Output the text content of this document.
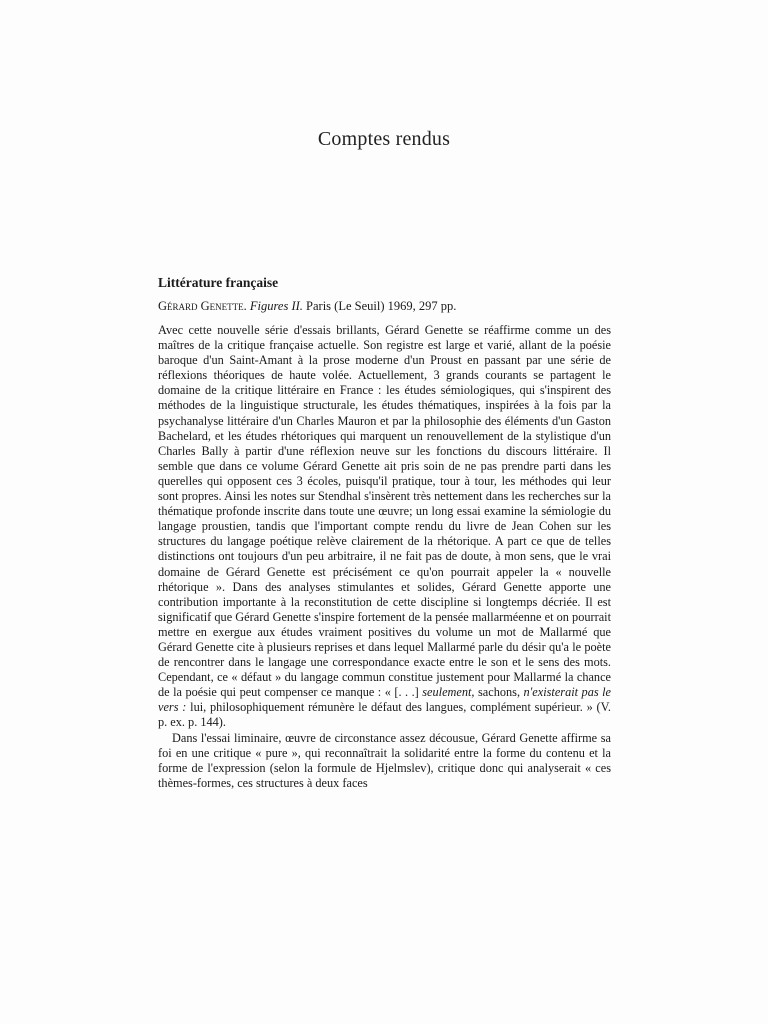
Comptes rendus
Littérature française
Gérard Genette. Figures II. Paris (Le Seuil) 1969, 297 pp.

Avec cette nouvelle série d'essais brillants, Gérard Genette se réaffirme comme un des maîtres de la critique française actuelle. Son registre est large et varié, allant de la poésie baroque d'un Saint-Amant à la prose moderne d'un Proust en passant par une série de réflexions théoriques de haute volée. Actuellement, 3 grands courants se partagent le domaine de la critique littéraire en France : les études sémiologiques, qui s'inspirent des méthodes de la linguistique structurale, les études thématiques, inspirées à la fois par la psychanalyse littéraire d'un Charles Mauron et par la philosophie des éléments d'un Gaston Bachelard, et les études rhétoriques qui marquent un renouvellement de la stylistique d'un Charles Bally à partir d'une réflexion neuve sur les fonctions du discours littéraire. Il semble que dans ce volume Gérard Genette ait pris soin de ne pas prendre parti dans les querelles qui opposent ces 3 écoles, puisqu'il pratique, tour à tour, les méthodes qui leur sont propres. Ainsi les notes sur Stendhal s'insèrent très nettement dans les recherches sur la thématique profonde inscrite dans toute une œuvre; un long essai examine la sémiologie du langage proustien, tandis que l'important compte rendu du livre de Jean Cohen sur les structures du langage poétique relève clairement de la rhétorique. A part ce que de telles distinctions ont toujours d'un peu arbitraire, il ne fait pas de doute, à mon sens, que le vrai domaine de Gérard Genette est précisément ce qu'on pourrait appeler la « nouvelle rhétorique ». Dans des analyses stimulantes et solides, Gérard Genette apporte une contribution importante à la reconstitution de cette discipline si longtemps décriée. Il est significatif que Gérard Genette s'inspire fortement de la pensée mallarméenne et on pourrait mettre en exergue aux études vraiment positives du volume un mot de Mallarmé que Gérard Genette cite à plusieurs reprises et dans lequel Mallarmé parle du désir qu'a le poète de rencontrer dans le langage une correspondance exacte entre le son et le sens des mots. Cependant, ce « défaut » du langage commun constitue justement pour Mallarmé la chance de la poésie qui peut compenser ce manque : « [. . .] seulement, sachons, n'existerait pas le vers : lui, philosophiquement rémunère le défaut des langues, complément supérieur. » (V. p. ex. p. 144).

Dans l'essai liminaire, œuvre de circonstance assez décousue, Gérard Genette affirme sa foi en une critique « pure », qui reconnaîtrait la solidarité entre la forme du contenu et la forme de l'expression (selon la formule de Hjelmslev), critique donc qui analyserait « ces thèmes-formes, ces structures à deux faces
